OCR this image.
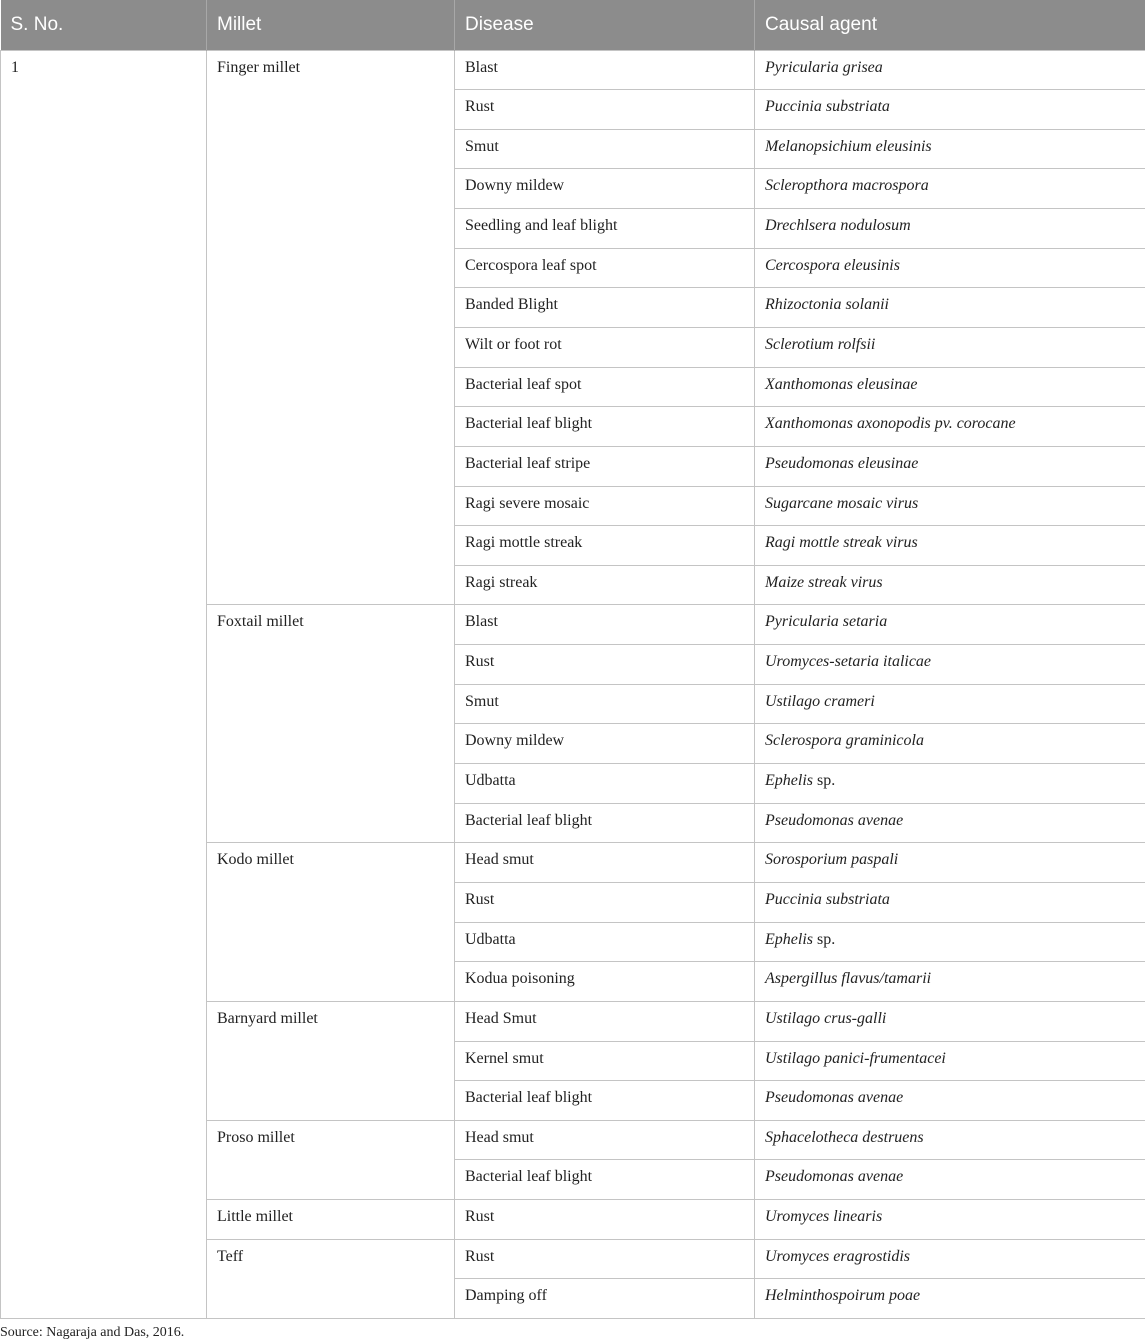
S. No.	Millet	Disease	Causal agent
1	Finger millet	Blast	Pyricularia grisea
		Rust	Puccinia substriata
		Smut	Melanopsichium eleusinis
		Downy mildew	Scleropthora macrospora
		Seedling and leaf blight	Drechlsera nodulosum
		Cercospora leaf spot	Cercospora eleusinis
		Banded Blight	Rhizoctonia solanii
		Wilt or foot rot	Sclerotium rolfsii
		Bacterial leaf spot	Xanthomonas eleusinae
		Bacterial leaf blight	Xanthomonas axonopodis pv. corocane
		Bacterial leaf stripe	Pseudomonas eleusinae
		Ragi severe mosaic	Sugarcane mosaic virus
		Ragi mottle streak	Ragi mottle streak virus
		Ragi streak	Maize streak virus
	Foxtail millet	Blast	Pyricularia setaria
		Rust	Uromyces-setaria italicae
		Smut	Ustilago crameri
		Downy mildew	Sclerospora graminicola
		Udbatta	Ephelis sp.
		Bacterial leaf blight	Pseudomonas avenae
	Kodo millet	Head smut	Sorosporium paspali
		Rust	Puccinia substriata
		Udbatta	Ephelis sp.
		Kodua poisoning	Aspergillus flavus/tamarii
	Barnyard millet	Head Smut	Ustilago crus-galli
		Kernel smut	Ustilago panici-frumentacei
		Bacterial leaf blight	Pseudomonas avenae
	Proso millet	Head smut	Sphacelotheca destruens
		Bacterial leaf blight	Pseudomonas avenae
	Little millet	Rust	Uromyces linearis
	Teff	Rust	Uromyces eragrostidis
		Damping off	Helminthospoirum poae
Source: Nagaraja and Das, 2016.
